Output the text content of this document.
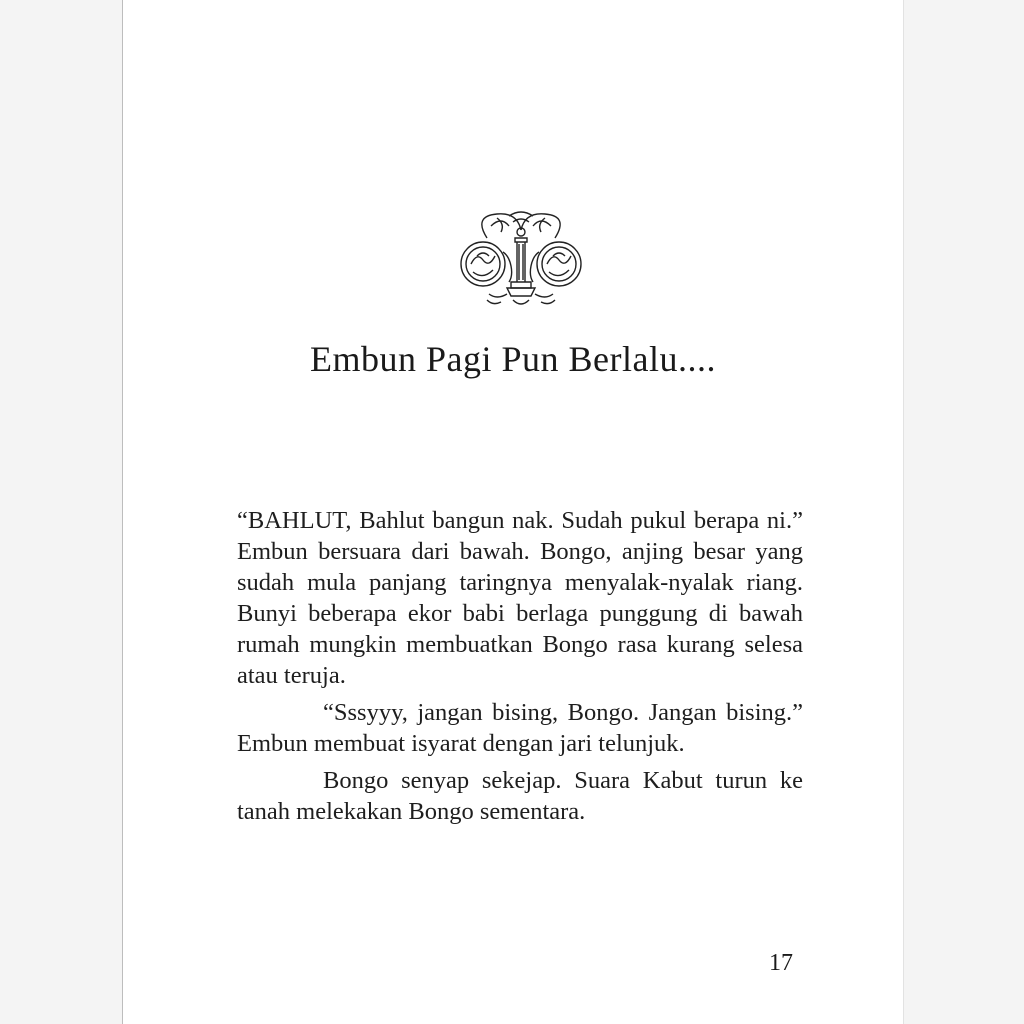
Embun Pagi Pun Berlalu....

“BAHLUT, Bahlut bangun nak. Sudah pukul berapa ni.” Embun bersuara dari bawah. Bongo, anjing besar yang sudah mula panjang taringnya menyalak-nyalak riang. Bunyi beberapa ekor babi berlaga punggung di bawah rumah mungkin membuatkan Bongo rasa kurang selesa atau teruja.

“Sssyyy, jangan bising, Bongo. Jangan bising.” Embun membuat isyarat dengan jari telunjuk.

Bongo senyap sekejap. Suara Kabut turun ke tanah melekakan Bongo sementara.

17
